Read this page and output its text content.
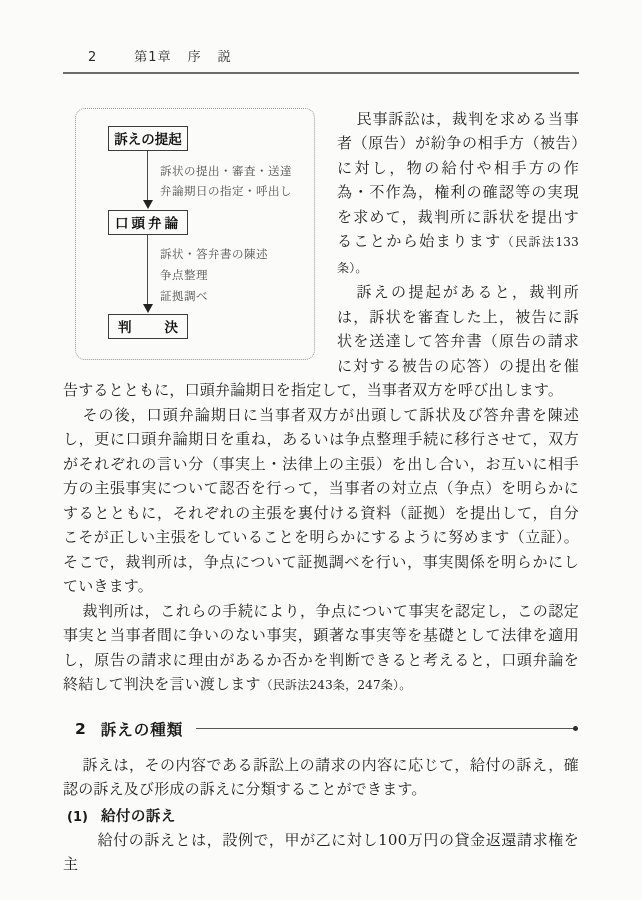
2	第1章 序　説
訴えの提起
訴状の提出・審査・送達
弁論期日の指定・呼出し
口頭弁論
訴状・答弁書の陳述
争点整理
証拠調べ
判 決

民事訴訟は，裁判を求める当事者（原告）が紛争の相手方（被告）に対し，物の給付や相手方の作為・不作為，権利の確認等の実現を求めて，裁判所に訴状を提出することから始まります（民訴法133条）。

訴えの提起があると，裁判所は，訴状を審査した上，被告に訴状を送達して答弁書（原告の請求に対する被告の応答）の提出を催告するとともに，口頭弁論期日を指定して，当事者双方を呼び出します。

その後，口頭弁論期日に当事者双方が出頭して訴状及び答弁書を陳述し，更に口頭弁論期日を重ね，あるいは争点整理手続に移行させて，双方がそれぞれの言い分（事実上・法律上の主張）を出し合い，お互いに相手方の主張事実について認否を行って，当事者の対立点（争点）を明らかにするとともに，それぞれの主張を裏付ける資料（証拠）を提出して，自分こそが正しい主張をしていることを明らかにするように努めます（立証）。そこで，裁判所は，争点について証拠調べを行い，事実関係を明らかにしていきます。

裁判所は，これらの手続により，争点について事実を認定し，この認定事実と当事者間に争いのない事実，顕著な事実等を基礎として法律を適用し，原告の請求に理由があるか否かを判断できると考えると，口頭弁論を終結して判決を言い渡します（民訴法243条，247条）。

2 訴えの種類

訴えは，その内容である訴訟上の請求の内容に応じて，給付の訴え，確認の訴え及び形成の訴えに分類することができます。

(1) 給付の訴え

給付の訴えとは，設例で，甲が乙に対し100万円の貸金返還請求権を主
